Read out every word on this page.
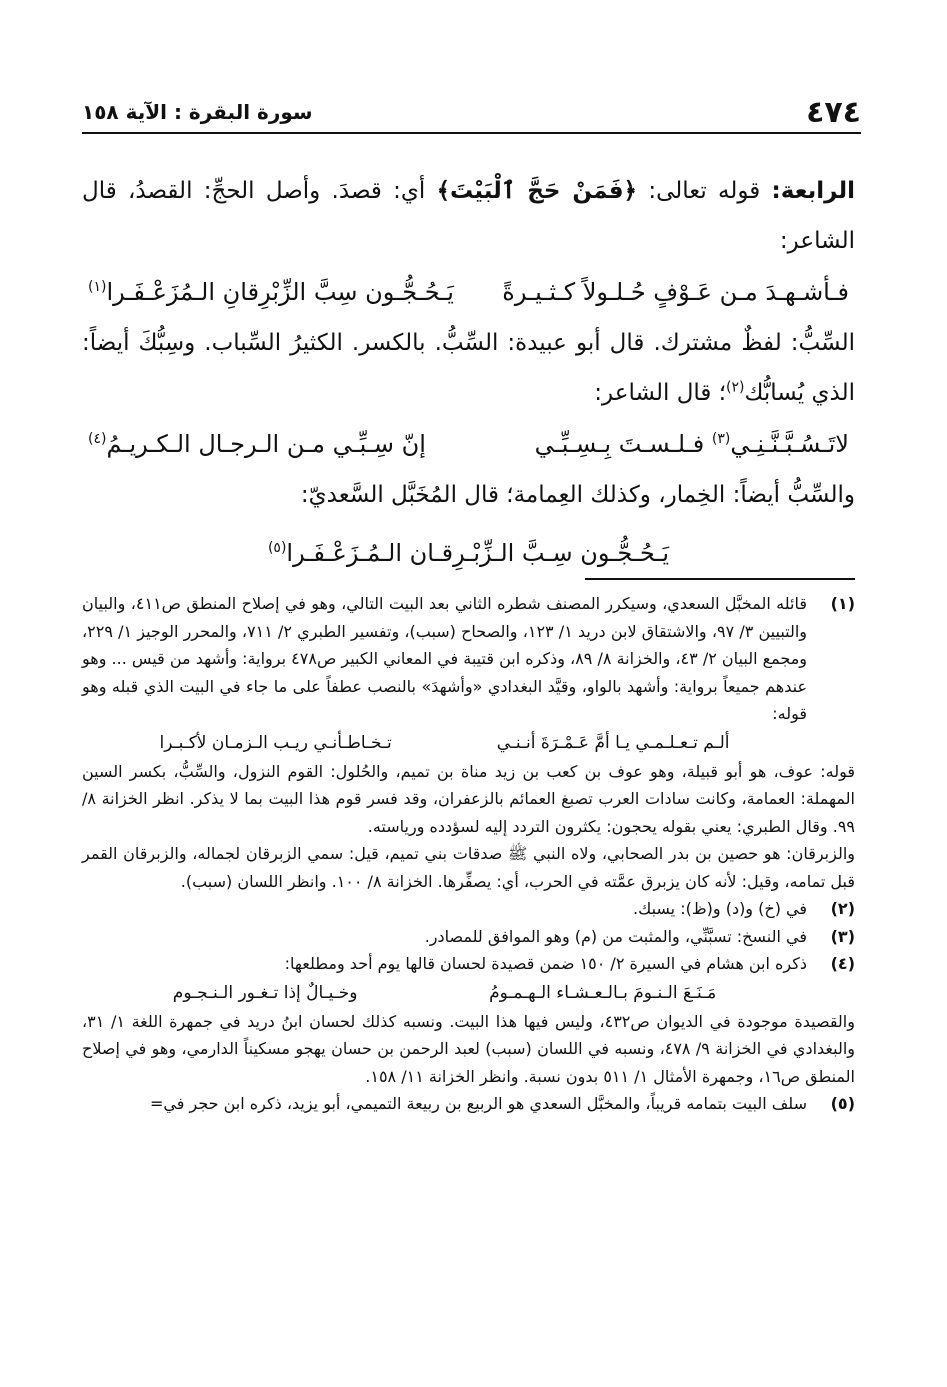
٤٧٤
سورة البقرة : الآية ١٥٨

الرابعة: قوله تعالى: ﴿فَمَنْ حَجَّ ٱلْبَيْتَ﴾ أي: قصدَ. وأصل الحجِّ: القصدُ، قال الشاعر:

فـأشـهـدَ مـن عَـوْفٍ حُـلـولاً كـثـيـرةً
يَـحُـجُّـون سِبَّ الزِّبْرِقانِ الـمُزَعْـفَـرا$^{(١)}$

السِّبُّ: لفظٌ مشترك. قال أبو عبيدة: السِّبُّ. بالكسر. الكثيرُ السِّباب. وسِبُّكَ أيضاً: الذي يُسابُّك$^{(٢)}$؛ قال الشاعر:

لاتَـسُـبَّـنَّـنِـي$^{(٣)}$ فـلـسـتَ بِـسِـبِّـي
إنّ سِـبِّـي مـن الـرجـال الـكـريـمُ$^{(٤)}$

والسِّبُّ أيضاً: الخِمار، وكذلك العِمامة؛ قال المُخَبَّل السَّعديّ:

يَـحُـجُّـون سِـبَّ الـزِّبْـرِقـان الـمُـزَعْـفَـرا$^{(٥)}$
(١)

قائله المخبَّل السعدي، وسيكرر المصنف شطره الثاني بعد البيت التالي، وهو في إصلاح المنطق ص٤١١، والبيان والتبيين ٣/ ٩٧، والاشتقاق لابن دريد ١/ ١٢٣، والصحاح (سبب)، وتفسير الطبري ٢/ ٧١١، والمحرر الوجيز ١/ ٢٢٩، ومجمع البيان ٢/ ٤٣، والخزانة ٨/ ٨٩، وذكره ابن قتيبة في المعاني الكبير ص٤٧٨ برواية: وأشهد من قيس ... وهو عندهم جميعاً برواية: وأشهد بالواو، وقيَّد البغدادي «وأشهدَ» بالنصب عطفاً على ما جاء في البيت الذي قبله وهو قوله:

ألـم تـعـلـمـي يـا أمَّ عَـمْـرَةَ أنـنـي
تـخـاطـأنـي ريـب الـزمـان لأكـبـرا

قوله: عوف، هو أبو قبيلة، وهو عوف بن كعب بن زيد مناة بن تميم، والحُلول: القوم النزول، والسِّبُّ، بكسر السين المهملة: العمامة، وكانت سادات العرب تصبغ العمائم بالزعفران، وقد فسر قوم هذا البيت بما لا يذكر. انظر الخزانة ٨/ ٩٩. وقال الطبري: يعني بقوله يحجون: يكثرون التردد إليه لسؤدده ورياسته.

والزبرقان: هو حصين بن بدر الصحابي، ولاه النبي ﷺ صدقات بني تميم، قيل: سمي الزبرقان لجماله، والزبرقان القمر قبل تمامه، وقيل: لأنه كان يزبرق عمَّته في الحرب، أي: يصفِّرها. الخزانة ٨/ ١٠٠. وانظر اللسان (سبب).

(٢)

في (خ) و(د) و(ظ): يسبك.

(٣)

في النسخ: تسبَّنِّي، والمثبت من (م) وهو الموافق للمصادر.

(٤)

ذكره ابن هشام في السيرة ٢/ ١٥٠ ضمن قصيدة لحسان قالها يوم أحد ومطلعها:

مَـنَـعَ الـنـومَ بـالـعـشـاء الـهـمـومُ
وخـيـالٌ إذا تـغـور الـنـجـوم

والقصيدة موجودة في الديوان ص٤٣٢، وليس فيها هذا البيت. ونسبه كذلك لحسان ابنُ دريد في جمهرة اللغة ١/ ٣١، والبغدادي في الخزانة ٩/ ٤٧٨، ونسبه في اللسان (سبب) لعبد الرحمن بن حسان يهجو مسكيناً الدارمي، وهو في إصلاح المنطق ص١٦، وجمهرة الأمثال ١/ ٥١١ بدون نسبة. وانظر الخزانة ١١/ ١٥٨.

(٥)

سلف البيت بتمامه قريباً، والمخبَّل السعدي هو الربيع بن ربيعة التميمي، أبو يزيد، ذكره ابن حجر في=
